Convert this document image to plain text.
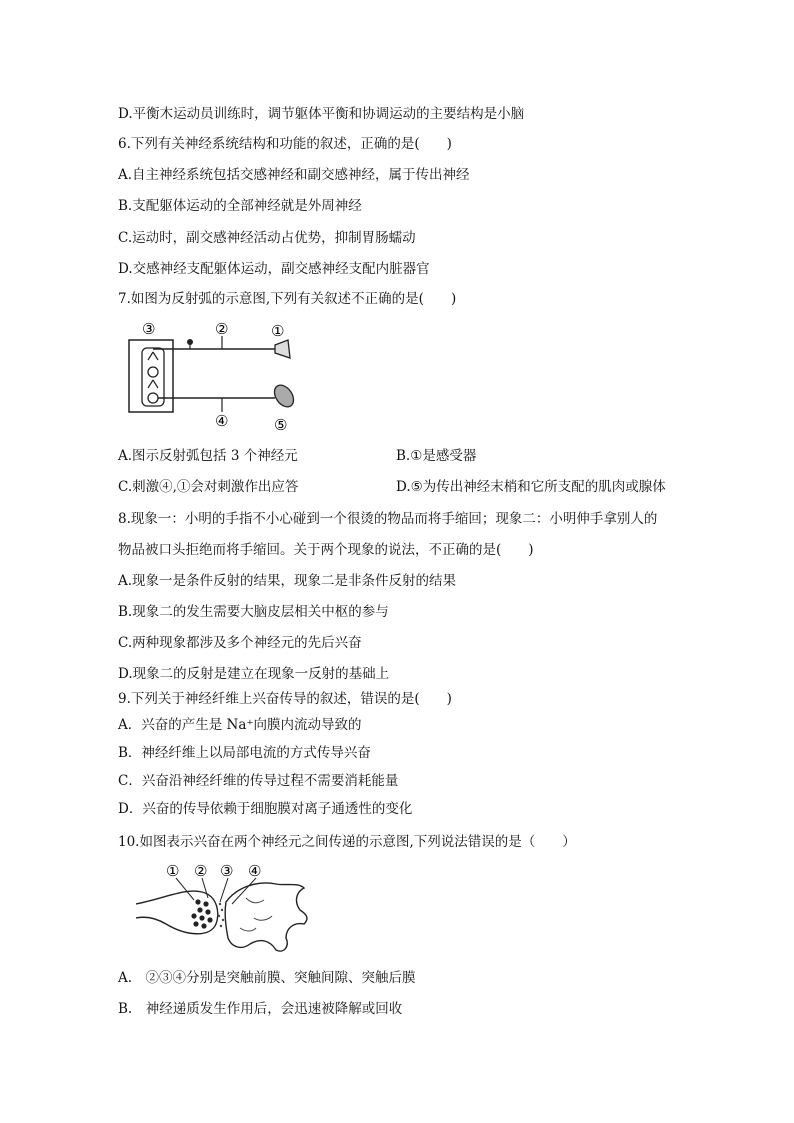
D.平衡木运动员训练时，调节躯体平衡和协调运动的主要结构是小脑
6.下列有关神经系统结构和功能的叙述，正确的是(　　)
A.自主神经系统包括交感神经和副交感神经，属于传出神经
B.支配躯体运动的全部神经就是外周神经
C.运动时，副交感神经活动占优势，抑制胃肠蠕动
D.交感神经支配躯体运动，副交感神经支配内脏器官
7.如图为反射弧的示意图,下列有关叙述不正确的是(　　)
③	②	①
④	⑤
A.图示反射弧包括 3 个神经元	B.①是感受器
C.刺激④,①会对刺激作出应答	D.⑤为传出神经末梢和它所支配的肌肉或腺体
8.现象一：小明的手指不小心碰到一个很烫的物品而将手缩回；现象二：小明伸手拿别人的
物品被口头拒绝而将手缩回。关于两个现象的说法，不正确的是(　　)
A.现象一是条件反射的结果，现象二是非条件反射的结果
B.现象二的发生需要大脑皮层相关中枢的参与
C.两种现象都涉及多个神经元的先后兴奋
D.现象二的反射是建立在现象一反射的基础上
9.下列关于神经纤维上兴奋传导的叙述，错误的是(　　)
A．兴奋的产生是 Na⁺向膜内流动导致的
B．神经纤维上以局部电流的方式传导兴奋
C．兴奋沿神经纤维的传导过程不需要消耗能量
D．兴奋的传导依赖于细胞膜对离子通透性的变化
10.如图表示兴奋在两个神经元之间传递的示意图,下列说法错误的是（　　）
① ② ③ ④
A.　②③④分别是突触前膜、突触间隙、突触后膜
B.　神经递质发生作用后，会迅速被降解或回收
